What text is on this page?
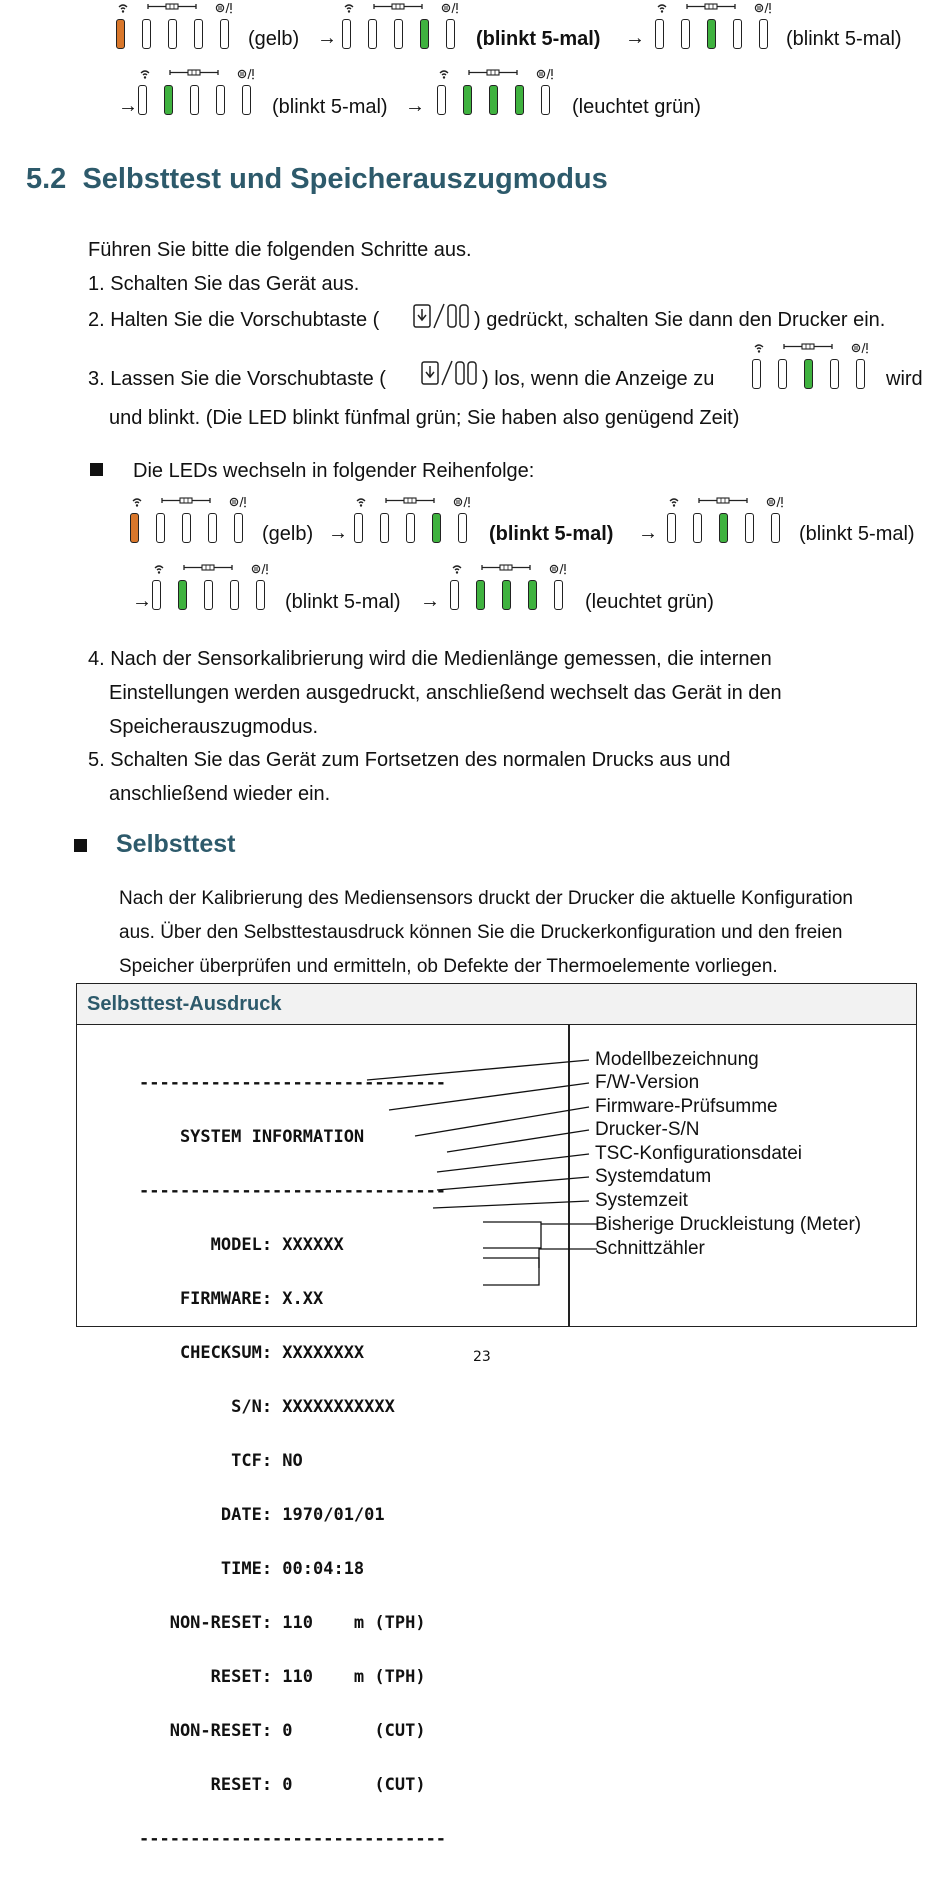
(gelb) →	(blinkt 5-mal) →	(blinkt 5-mal)
→	(blinkt 5-mal) →	(leuchtet grün)
5.2 Selbsttest und Speicherauszugmodus
Führen Sie bitte die folgenden Schritte aus.
1. Schalten Sie das Gerät aus.
2. Halten Sie die Vorschubtaste (	) gedrückt, schalten Sie dann den Drucker ein.
3. Lassen Sie die Vorschubtaste (	) los, wenn die Anzeige zu	wird
und blinkt. (Die LED blinkt fünfmal grün; Sie haben also genügend Zeit)
Die LEDs wechseln in folgender Reihenfolge:
(gelb) →	(blinkt 5-mal) →	(blinkt 5-mal)
→	(blinkt 5-mal) →	(leuchtet grün)
4. Nach der Sensorkalibrierung wird die Medienlänge gemessen, die internen
Einstellungen werden ausgedruckt, anschließend wechselt das Gerät in den
Speicherauszugmodus.
5. Schalten Sie das Gerät zum Fortsetzen des normalen Drucks aus und
anschließend wieder ein.
Selbsttest
Nach der Kalibrierung des Mediensensors druckt der Drucker die aktuelle Konfiguration
aus. Über den Selbsttestausdruck können Sie die Druckerkonfiguration und den freien
Speicher überprüfen und ermitteln, ob Defekte der Thermoelemente vorliegen.
Selbsttest-Ausdruck

------------------------------

SYSTEM INFORMATION

------------------------------

MODEL: XXXXXX

FIRMWARE: X.XX

CHECKSUM: XXXXXXXX

S/N: XXXXXXXXXXX

TCF: NO

DATE: 1970/01/01

TIME: 00:04:18

NON-RESET: 110    m (TPH)

RESET: 110    m (TPH)

NON-RESET: 0        (CUT)

RESET: 0        (CUT)

------------------------------

Modellbezeichnung
F/W-Version
Firmware-Prüfsumme
Drucker-S/N
TSC-Konfigurationsdatei
Systemdatum
Systemzeit
Bisherige Druckleistung (Meter)
Schnittzähler
23
